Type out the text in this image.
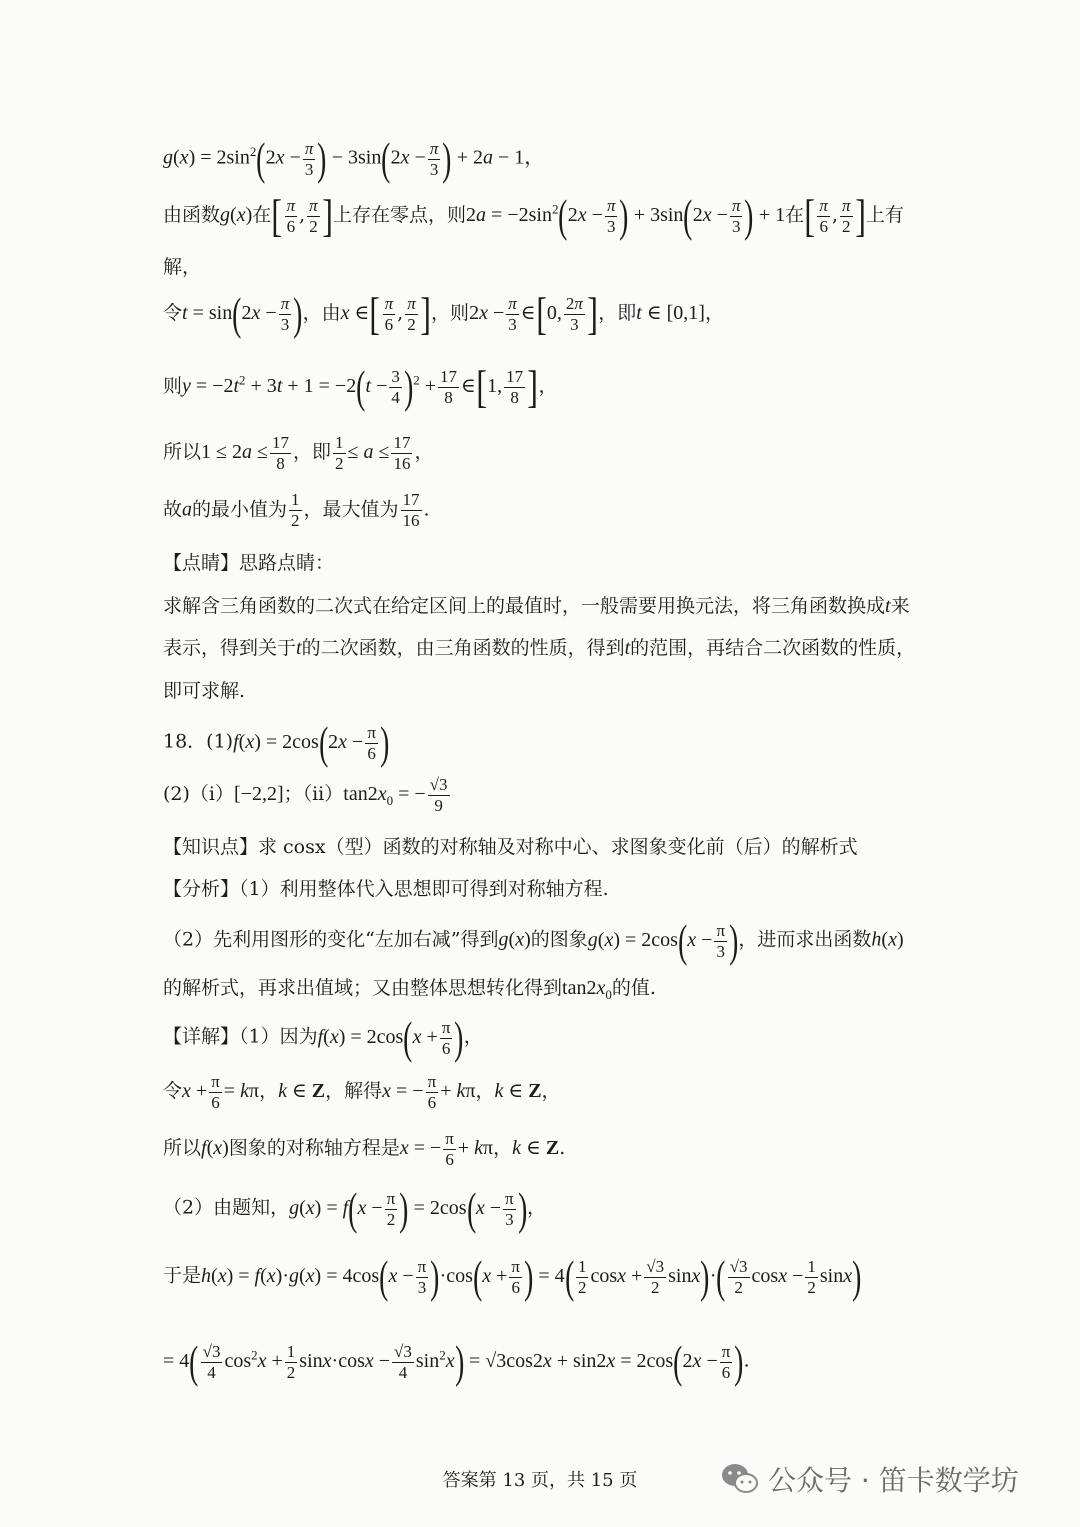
$g(x) = 2\sin^2(2x - \frac{\pi}{3}$ ) − $3\sin(2x - \frac{\pi}{3}$ ) + 2a − 1，
由函数g(x)在[ $\frac{\pi}{6}$ , $\frac{\pi}{2}$ ]上存在零点，则$2a = -2\sin^2(2x - \frac{\pi}{3}$ ) + $3\sin(2x - \frac{\pi}{3}$ ) + 1在[ $\frac{\pi}{6}$ , $\frac{\pi}{2}$ ]上有
解，
令$t = \sin(2x - \frac{\pi}{3}$ )，由x ∈[ $\frac{\pi}{6}$ , $\frac{\pi}{2}$ ]，则$2x - \frac{\pi}{3}$ ∈[0, $\frac{2\pi}{3}$ ]，即t ∈ [0,1]，
则$y = -2t^2 + 3t + 1 = -2(t - \frac{3}{4} )^2 + \frac{17}{8}$ ∈[1, $\frac{17}{8}$ ]，
所以$1 \le 2a \le \frac{17}{8}$ ，即 $\frac{1}{2} \le a \le \frac{17}{16}$ ，
故a的最小值为 $\frac{1}{2}$ ，最大值为 $\frac{17}{16}$ .
【点睛】思路点睛：
求解含三角函数的二次式在给定区间上的最值时，一般需要用换元法，将三角函数换成t来
表示，得到关于t的二次函数，由三角函数的性质，得到t的范围，再结合二次函数的性质，
即可求解.
18．$(1)f(x) = 2\cos(2x - \frac{\pi}{6}$ )
(2)（i）[−2,2]；$(ii)\tan 2x_0$ = − $\frac{√3}{9}$
【知识点】求 cosx（型）函数的对称轴及对称中心、求图象变化前（后）的解析式
【分析】（1）利用整体代入思想即可得到对称轴方程.
（2）先利用图形的变化“左加右减”得到g(x)的图象$g(x) = 2\cos(x - \frac{\pi}{3}$ )，进而求出函数h(x)
的解析式，再求出值域；又由整体思想转化得到$\tan 2x_0$的值.
【详解】（1）因为$f(x) = 2\cos(x + \frac{\pi}{6}$ )，
令$x + \frac{\pi}{6} = k\pi$，k ∈ Z，解得x = − $\frac{\pi}{6} + k\pi$，k ∈ Z，
所以f(x)图象的对称轴方程是x = − $\frac{\pi}{6} + k\pi$，k ∈ Z.
（2）由题知，$g(x) = f(x - \frac{\pi}{2}$ ) = $2\cos(x - \frac{\pi}{3}$ )，
于是$h(x) = f(x)\cdot g(x) = 4\cos(x - \frac{\pi}{3} )\cdot\cos(x + \frac{\pi}{6}$ ) = $4( \frac{1}{2}$ $\cos x + \frac{√3}{2} \sin x)\cdot( \frac{√3}{2}$ $\cos x - \frac{1}{2} \sin x$)
= $4( \frac{√3}{4} \cos^2x + \frac{1}{2} \sin x\cdot\cos x - \frac{√3}{4} \sin^2x) = √3\cos 2x + \sin 2x = 2\cos(2x - \frac{\pi}{6}$ ).
答案第 13 页，共 15 页	公众号 · 笛卡数学坊
